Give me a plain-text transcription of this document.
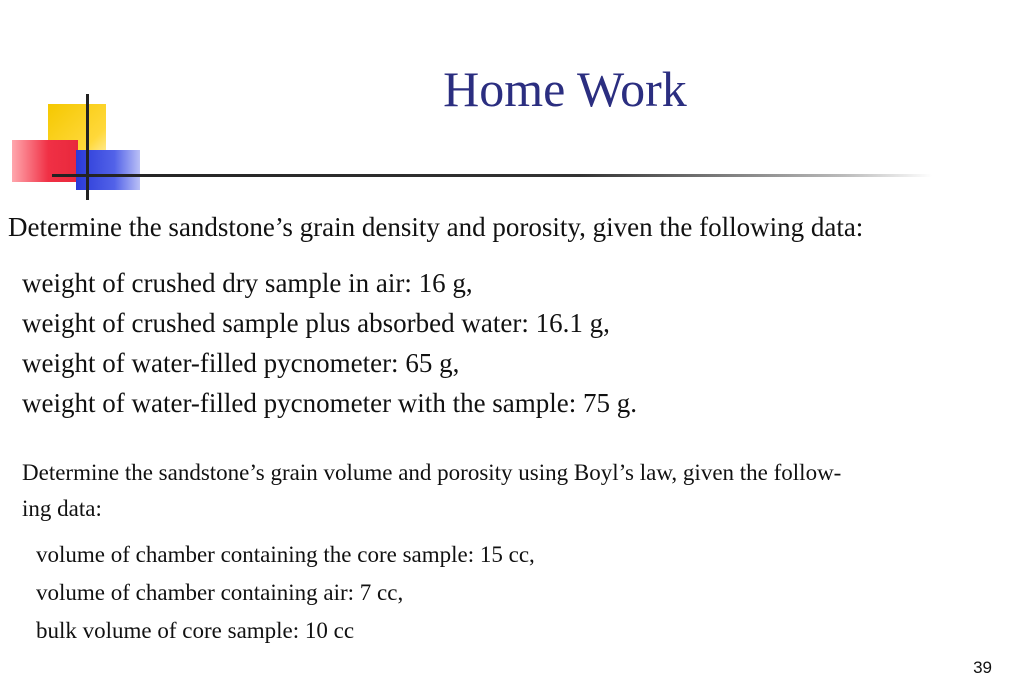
Home Work

Determine the sandstone’s grain density and porosity, given the following data:

weight of crushed dry sample in air: 16 g,
weight of crushed sample plus absorbed water: 16.1 g,
weight of water-filled pycnometer: 65 g,
weight of water-filled pycnometer with the sample: 75 g.

Determine the sandstone’s grain volume and porosity using Boyl’s law, given the follow-
ing data:

volume of chamber containing the core sample: 15 cc,
volume of chamber containing air: 7 cc,
bulk volume of core sample: 10 cc
39
